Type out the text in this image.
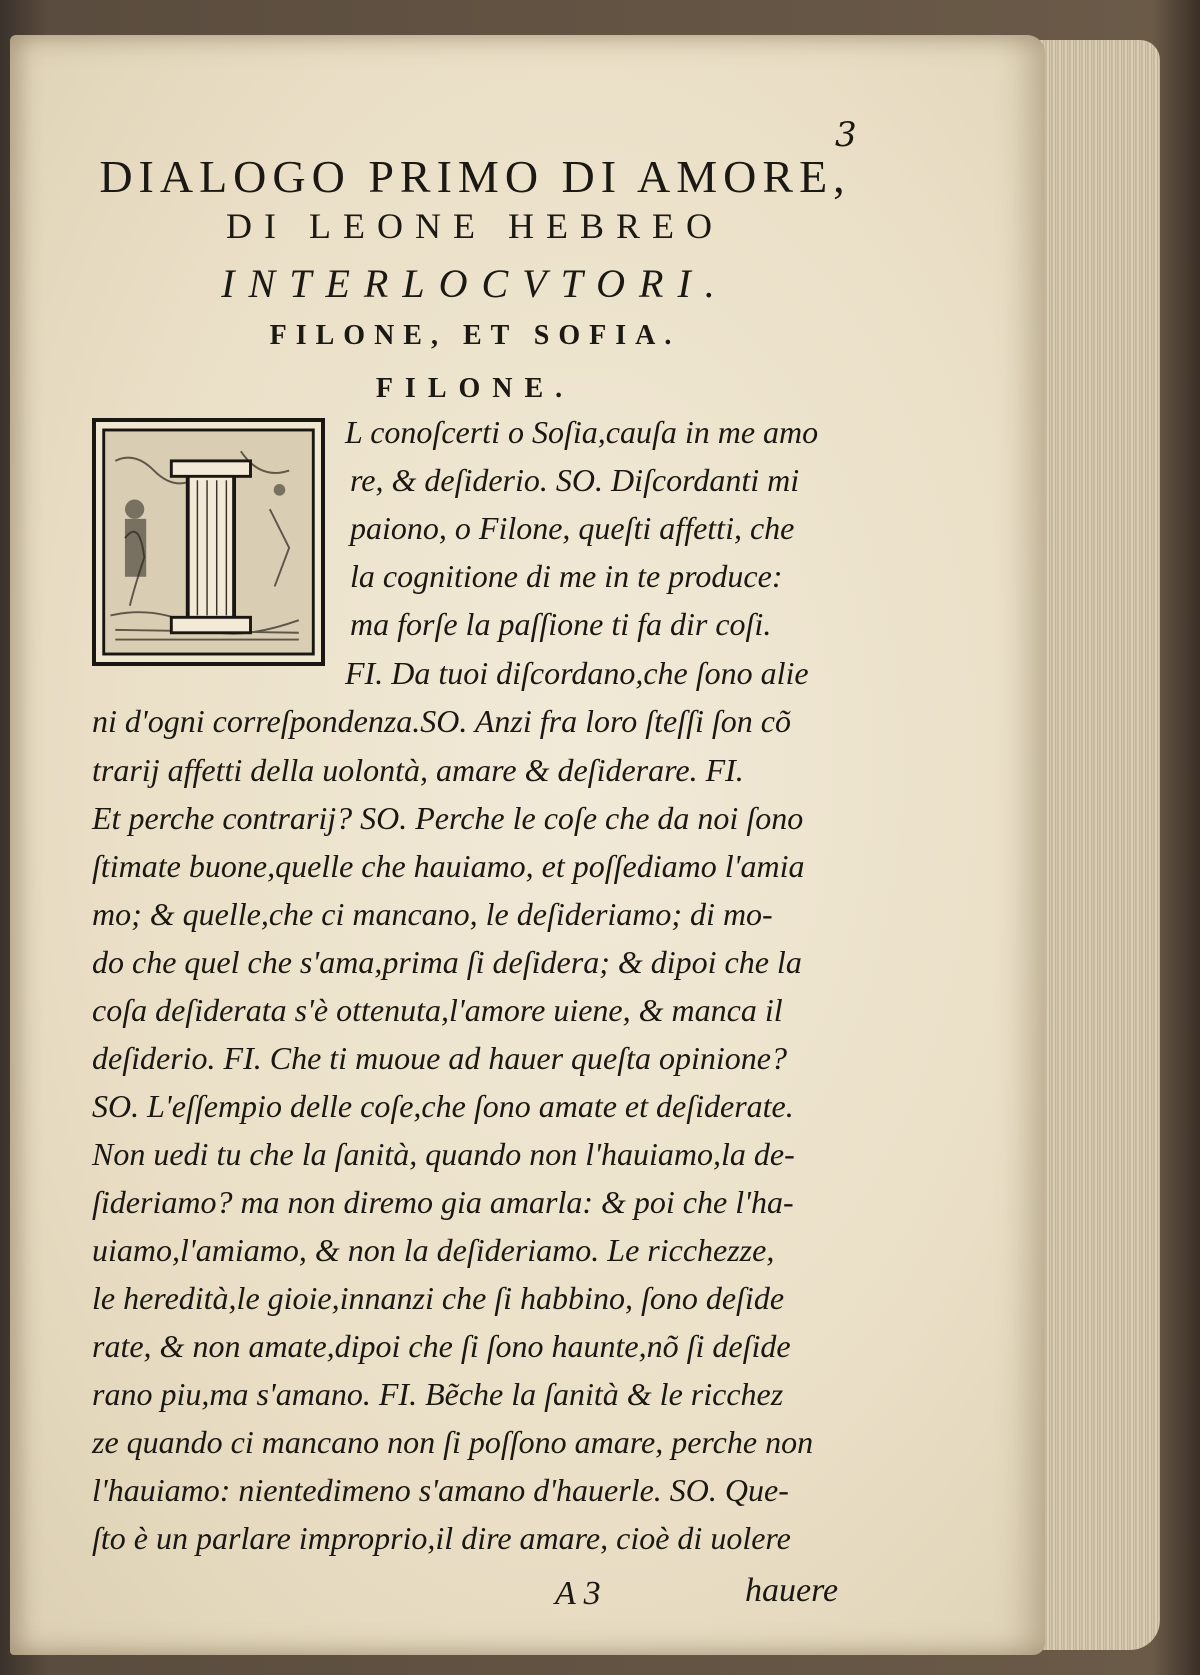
3
DIALOGO PRIMO DI AMORE,
DI LEONE HEBREO
INTERLOCVTORI.
FILONE, ET SOFIA.
FILONE.
L conoſcerti o Soſia,cauſa in me amo
re, & deſiderio. SO. Diſcordanti mi
paiono, o Filone, queſti affetti, che
la cognitione di me in te produce:
ma forſe la paſſione ti fa dir coſi.
FI. Da tuoi diſcordano,che ſono alie
ni d'ogni correſpondenza.SO. Anzi fra loro ſteſſi ſon cõ
trarij affetti della uolontà, amare & deſiderare. FI.
Et perche contrarij? SO. Perche le coſe che da noi ſono
ſtimate buone,quelle che hauiamo, et poſſediamo l'amia
mo; & quelle,che ci mancano, le deſideriamo; di mo-
do che quel che s'ama,prima ſi deſidera; & dipoi che la
coſa deſiderata s'è ottenuta,l'amore uiene, & manca il
deſiderio. FI. Che ti muoue ad hauer queſta opinione?
SO. L'eſſempio delle coſe,che ſono amate et deſiderate.
Non uedi tu che la ſanità, quando non l'hauiamo,la de-
ſideriamo? ma non diremo gia amarla: & poi che l'ha-
uiamo,l'amiamo, & non la deſideriamo. Le ricchezze,
le heredità,le gioie,innanzi che ſi habbino, ſono deſide
rate, & non amate,dipoi che ſi ſono haunte,nõ ſi deſide
rano piu,ma s'amano. FI. Bẽche la ſanità & le ricchez
ze quando ci mancano non ſi poſſono amare, perche non
l'hauiamo: nientedimeno s'amano d'hauerle. SO. Que-
ſto è un parlare improprio,il dire amare, cioè di uolere
A 3	hauere
